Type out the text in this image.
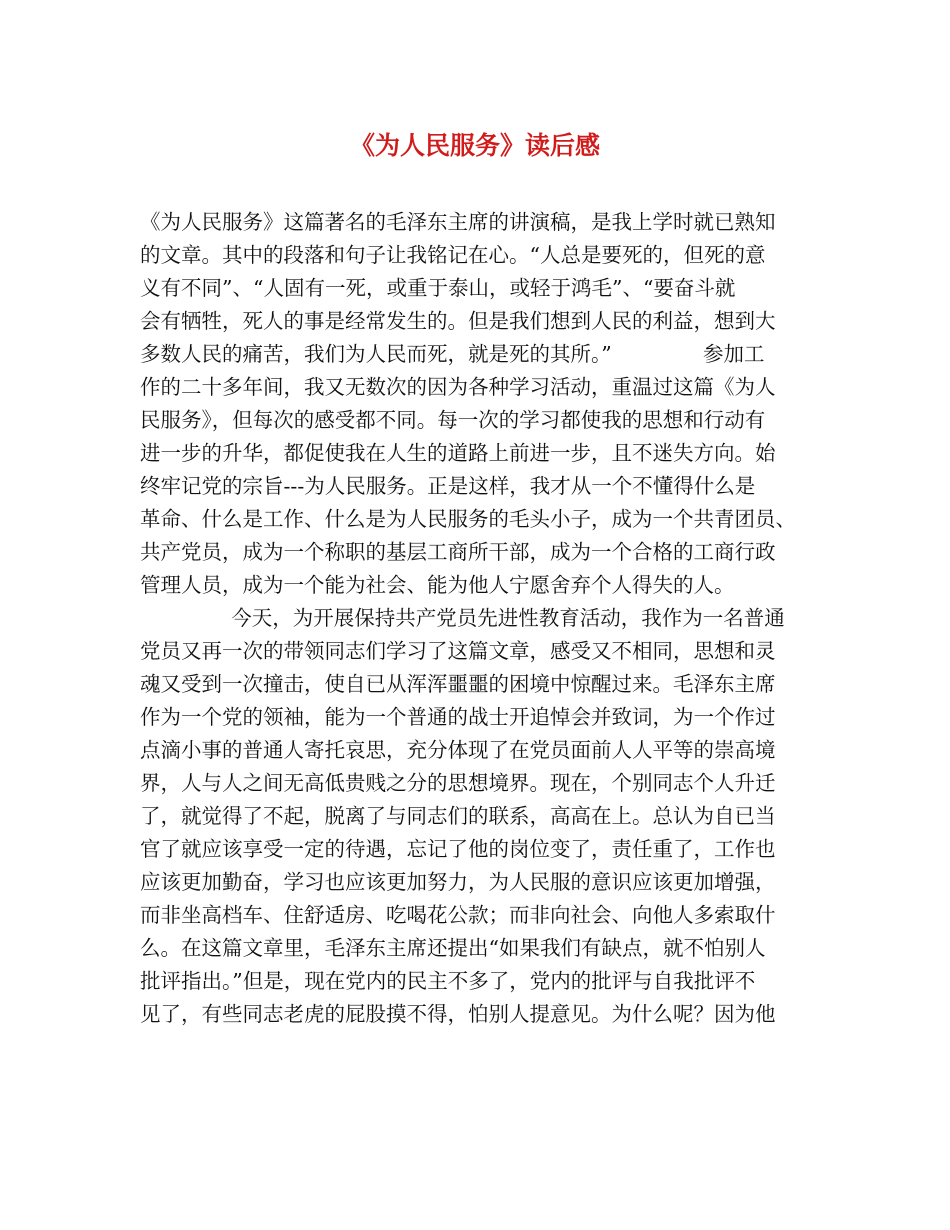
《为人民服务》读后感
《为人民服务》这篇著名的毛泽东主席的讲演稿，是我上学时就已熟知
的文章。其中的段落和句子让我铭记在心。“人总是要死的，但死的意
义有不同”、“人固有一死，或重于泰山，或轻于鸿毛”、“要奋斗就
会有牺牲，死人的事是经常发生的。但是我们想到人民的利益，想到大
多数人民的痛苦，我们为人民而死，就是死的其所。”              参加工
作的二十多年间，我又无数次的因为各种学习活动，重温过这篇《为人
民服务》，但每次的感受都不同。每一次的学习都使我的思想和行动有
进一步的升华，都促使我在人生的道路上前进一步，且不迷失方向。始
终牢记党的宗旨---为人民服务。正是这样，我才从一个不懂得什么是
革命、什么是工作、什么是为人民服务的毛头小子，成为一个共青团员、
共产党员，成为一个称职的基层工商所干部，成为一个合格的工商行政
管理人员，成为一个能为社会、能为他人宁愿舍弃个人得失的人。
今天，为开展保持共产党员先进性教育活动，我作为一名普通
党员又再一次的带领同志们学习了这篇文章，感受又不相同，思想和灵
魂又受到一次撞击，使自已从浑浑噩噩的困境中惊醒过来。毛泽东主席
作为一个党的领袖，能为一个普通的战士开追悼会并致词，为一个作过
点滴小事的普通人寄托哀思，充分体现了在党员面前人人平等的崇高境
界，人与人之间无高低贵贱之分的思想境界。现在，个别同志个人升迁
了，就觉得了不起，脱离了与同志们的联系，高高在上。总认为自已当
官了就应该享受一定的待遇，忘记了他的岗位变了，责任重了，工作也
应该更加勤奋，学习也应该更加努力，为人民服的意识应该更加增强，
而非坐高档车、住舒适房、吃喝花公款；而非向社会、向他人多索取什
么。在这篇文章里，毛泽东主席还提出“如果我们有缺点，就不怕别人
批评指出。”但是，现在党内的民主不多了，党内的批评与自我批评不
见了，有些同志老虎的屁股摸不得，怕别人提意见。为什么呢？因为他
